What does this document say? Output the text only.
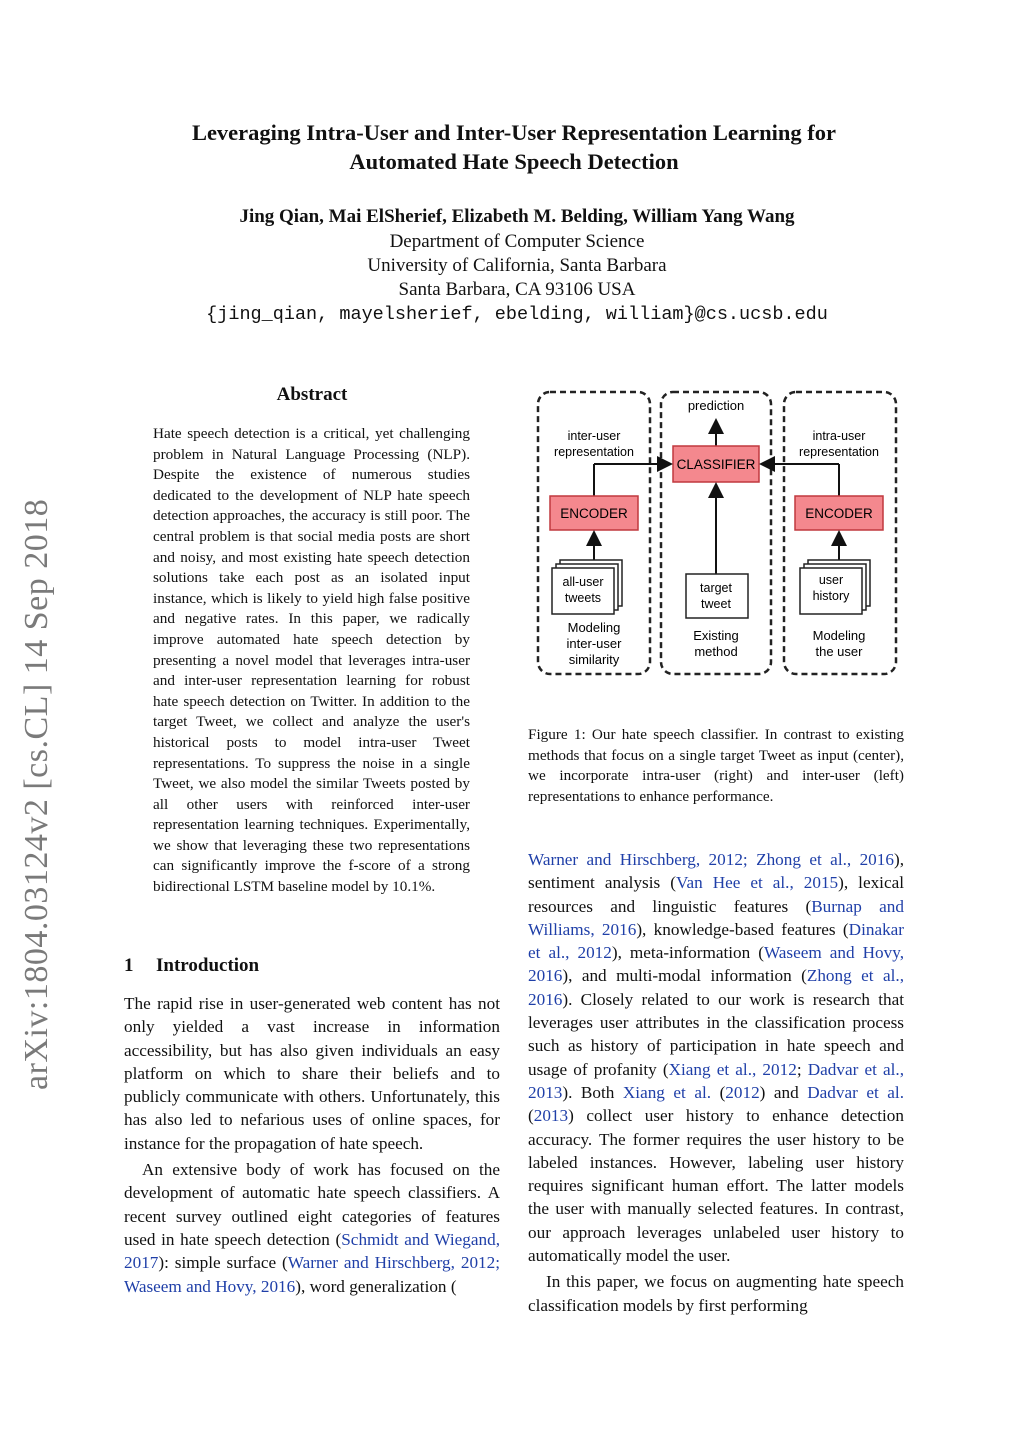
arXiv:1804.03124v2 [cs.CL] 14 Sep 2018
Leveraging Intra-User and Inter-User Representation Learning for
Automated Hate Speech Detection
Jing Qian, Mai ElSherief, Elizabeth M. Belding, William Yang Wang
Department of Computer Science
University of California, Santa Barbara
Santa Barbara, CA 93106 USA
{jing_qian, mayelsherief, ebelding, william}@cs.ucsb.edu
Abstract
Hate speech detection is a critical, yet challenging problem in Natural Language Processing (NLP). Despite the existence of numerous studies dedicated to the development of NLP hate speech detection approaches, the accuracy is still poor. The central problem is that social media posts are short and noisy, and most existing hate speech detection solutions take each post as an isolated input instance, which is likely to yield high false positive and negative rates. In this paper, we radically improve automated hate speech detection by presenting a novel model that leverages intra-user and inter-user representation learning for robust hate speech detection on Twitter. In addition to the target Tweet, we collect and analyze the user's historical posts to model intra-user Tweet representations. To suppress the noise in a single Tweet, we also model the similar Tweets posted by all other users with reinforced inter-user representation learning techniques. Experimentally, we show that leveraging these two representations can significantly improve the f-score of a strong bidirectional LSTM baseline model by 10.1%.
1 Introduction

The rapid rise in user-generated web content has not only yielded a vast increase in information accessibility, but has also given individuals an easy platform on which to share their beliefs and to publicly communicate with others. Unfortunately, this has also led to nefarious uses of online spaces, for instance for the propagation of hate speech.

An extensive body of work has focused on the development of automatic hate speech classifiers. A recent survey outlined eight categories of features used in hate speech detection (Schmidt and Wiegand, 2017): simple surface (Warner and Hirschberg, 2012; Waseem and Hovy, 2016), word generalization (

Warner and Hirschberg, 2012; Zhong et al., 2016), sentiment analysis (Van Hee et al., 2015), lexical resources and linguistic features (Burnap and Williams, 2016), knowledge-based features (Dinakar et al., 2012), meta-information (Waseem and Hovy, 2016), and multi-modal information (Zhong et al., 2016). Closely related to our work is research that leverages user attributes in the classification process such as history of participation in hate speech and usage of profanity (Xiang et al., 2012; Dadvar et al., 2013). Both Xiang et al. (2012) and Dadvar et al. (2013) collect user history to enhance detection accuracy. The former requires the user history to be labeled instances. However, labeling user history requires significant human effort. The latter models the user with manually selected features. In contrast, our approach leverages unlabeled user history to automatically model the user.

In this paper, we focus on augmenting hate speech classification models by first performing

prediction
CLASSIFIER
inter-user
representation
intra-user
representation
ENCODER
all-user
tweets
target
tweet
ENCODER
user
history
Modeling
inter-user
similarity
Existing
method
Modeling
the user
Figure 1: Our hate speech classifier. In contrast to existing methods that focus on a single target Tweet as input (center), we incorporate intra-user (right) and inter-user (left) representations to enhance performance.
